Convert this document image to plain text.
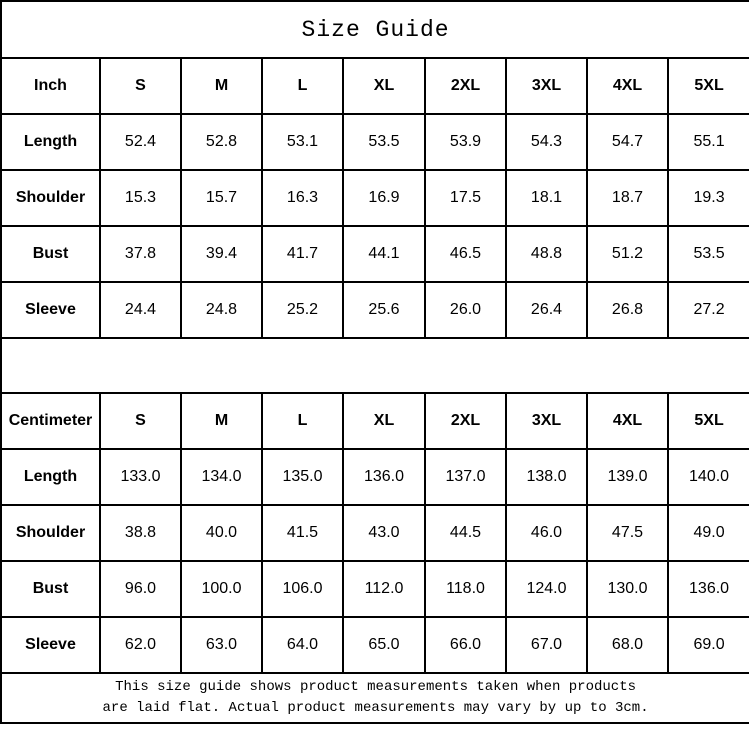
Size Guide								
Inch	S	M	L	XL	2XL	3XL	4XL	5XL
Length	52.4	52.8	53.1	53.5	53.9	54.3	54.7	55.1
Shoulder	15.3	15.7	16.3	16.9	17.5	18.1	18.7	19.3
Bust	37.8	39.4	41.7	44.1	46.5	48.8	51.2	53.5
Sleeve	24.4	24.8	25.2	25.6	26.0	26.4	26.8	27.2

Centimeter	S	M	L	XL	2XL	3XL	4XL	5XL
Length	133.0	134.0	135.0	136.0	137.0	138.0	139.0	140.0
Shoulder	38.8	40.0	41.5	43.0	44.5	46.0	47.5	49.0
Bust	96.0	100.0	106.0	112.0	118.0	124.0	130.0	136.0
Sleeve	62.0	63.0	64.0	65.0	66.0	67.0	68.0	69.0

This size guide shows product measurements taken when products
are laid flat. Actual product measurements may vary by up to 3cm.								
